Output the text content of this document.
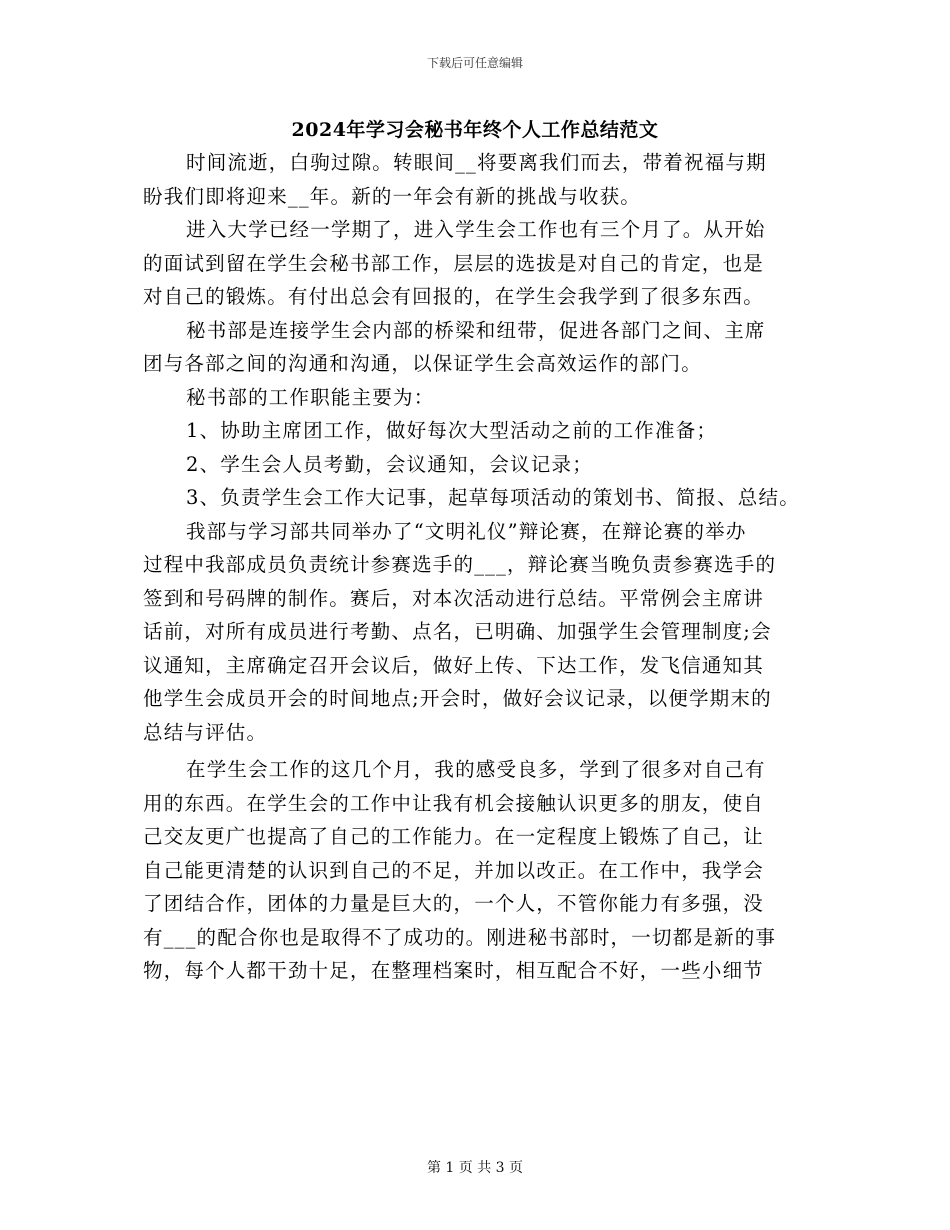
下载后可任意编辑
2024年学习会秘书年终个人工作总结范文
时间流逝，白驹过隙。转眼间__将要离我们而去，带着祝福与期
盼我们即将迎来__年。新的一年会有新的挑战与收获。
进入大学已经一学期了，进入学生会工作也有三个月了。从开始
的面试到留在学生会秘书部工作，层层的选拔是对自己的肯定，也是
对自己的锻炼。有付出总会有回报的，在学生会我学到了很多东西。
秘书部是连接学生会内部的桥梁和纽带，促进各部门之间、主席
团与各部之间的沟通和沟通，以保证学生会高效运作的部门。
秘书部的工作职能主要为：
1、协助主席团工作，做好每次大型活动之前的工作准备；
2、学生会人员考勤，会议通知，会议记录；
3、负责学生会工作大记事，起草每项活动的策划书、简报、总结。
我部与学习部共同举办了“文明礼仪”辩论赛，在辩论赛的举办
过程中我部成员负责统计参赛选手的___，辩论赛当晚负责参赛选手的
签到和号码牌的制作。赛后，对本次活动进行总结。平常例会主席讲
话前，对所有成员进行考勤、点名，已明确、加强学生会管理制度;会
议通知，主席确定召开会议后，做好上传、下达工作，发飞信通知其
他学生会成员开会的时间地点;开会时，做好会议记录，以便学期末的
总结与评估。
在学生会工作的这几个月，我的感受良多，学到了很多对自己有
用的东西。在学生会的工作中让我有机会接触认识更多的朋友，使自
己交友更广也提高了自己的工作能力。在一定程度上锻炼了自己，让
自己能更清楚的认识到自己的不足，并加以改正。在工作中，我学会
了团结合作，团体的力量是巨大的，一个人，不管你能力有多强，没
有___的配合你也是取得不了成功的。刚进秘书部时，一切都是新的事
物，每个人都干劲十足，在整理档案时，相互配合不好，一些小细节
第 1 页 共 3 页
